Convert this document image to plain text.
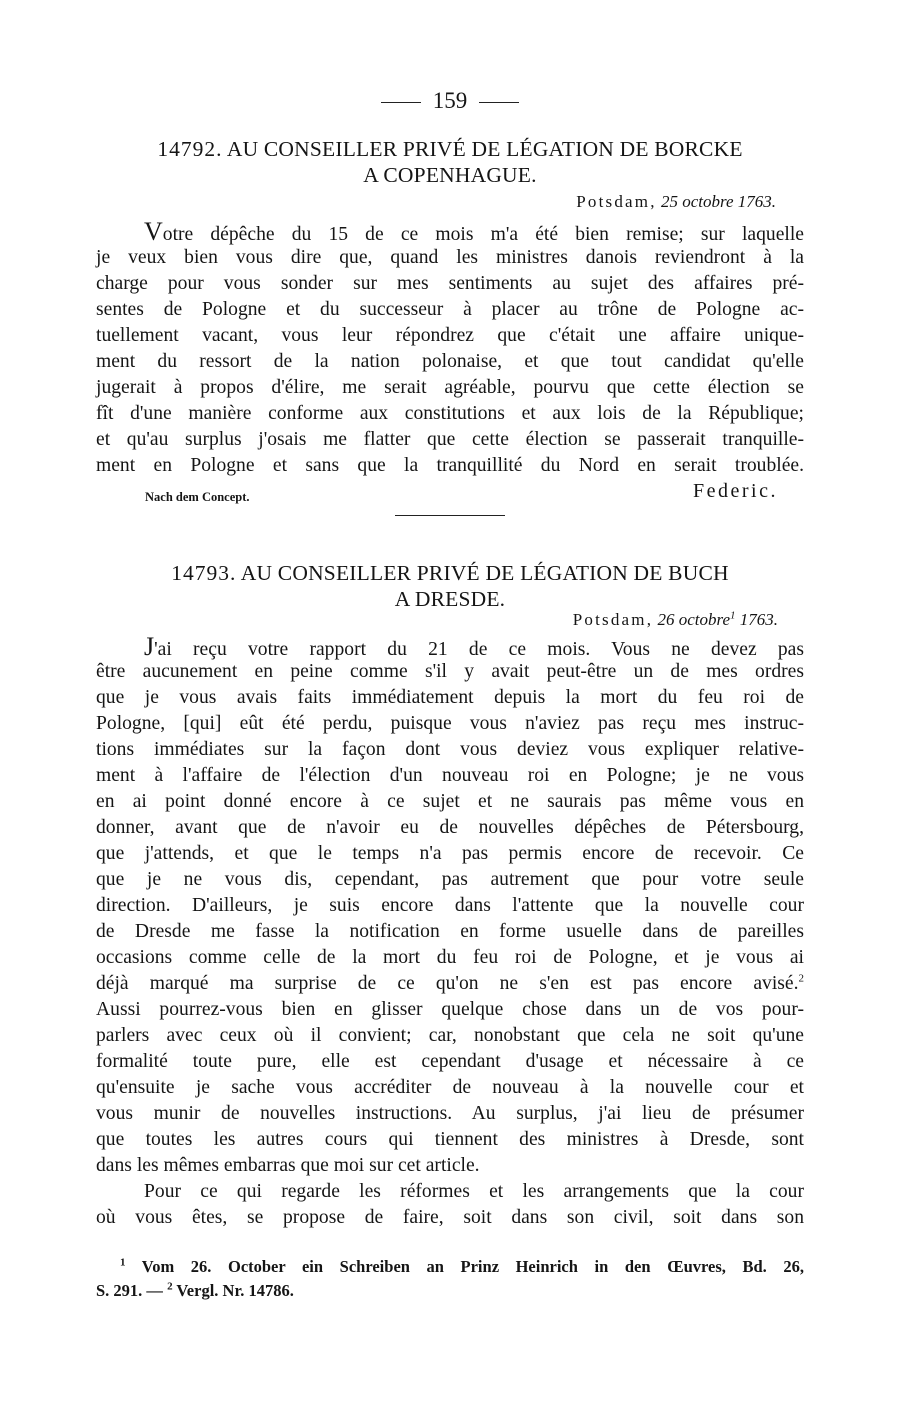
159
14792. AU CONSEILLER PRIVÉ DE LÉGATION DE BORCKE
A COPENHAGUE.
Potsdam, 25 octobre 1763.
Votre dépêche du 15 de ce mois m'a été bien remise; sur laquelle
je veux bien vous dire que, quand les ministres danois reviendront à la
charge pour vous sonder sur mes sentiments au sujet des affaires pré-
sentes de Pologne et du successeur à placer au trône de Pologne ac-
tuellement vacant, vous leur répondrez que c'était une affaire unique-
ment du ressort de la nation polonaise, et que tout candidat qu'elle
jugerait à propos d'élire, me serait agréable, pourvu que cette élection se
fît d'une manière conforme aux constitutions et aux lois de la République;
et qu'au surplus j'osais me flatter que cette élection se passerait tranquille-
ment en Pologne et sans que la tranquillité du Nord en serait troublée.
Nach dem Concept.	Federic.
14793. AU CONSEILLER PRIVÉ DE LÉGATION DE BUCH
A DRESDE.
Potsdam, 26 octobre$^1$ 1763.
J'ai reçu votre rapport du 21 de ce mois. Vous ne devez pas
être aucunement en peine comme s'il y avait peut-être un de mes ordres
que je vous avais faits immédiatement depuis la mort du feu roi de
Pologne, [qui] eût été perdu, puisque vous n'aviez pas reçu mes instruc-
tions immédiates sur la façon dont vous deviez vous expliquer relative-
ment à l'affaire de l'élection d'un nouveau roi en Pologne; je ne vous
en ai point donné encore à ce sujet et ne saurais pas même vous en
donner, avant que de n'avoir eu de nouvelles dépêches de Pétersbourg,
que j'attends, et que le temps n'a pas permis encore de recevoir. Ce
que je ne vous dis, cependant, pas autrement que pour votre seule
direction. D'ailleurs, je suis encore dans l'attente que la nouvelle cour
de Dresde me fasse la notification en forme usuelle dans de pareilles
occasions comme celle de la mort du feu roi de Pologne, et je vous ai
déjà marqué ma surprise de ce qu'on ne s'en est pas encore avisé.$^2$
Aussi pourrez-vous bien en glisser quelque chose dans un de vos pour-
parlers avec ceux où il convient; car, nonobstant que cela ne soit qu'une
formalité toute pure, elle est cependant d'usage et nécessaire à ce
qu'ensuite je sache vous accréditer de nouveau à la nouvelle cour et
vous munir de nouvelles instructions. Au surplus, j'ai lieu de présumer
que toutes les autres cours qui tiennent des ministres à Dresde, sont
dans les mêmes embarras que moi sur cet article.
Pour ce qui regarde les réformes et les arrangements que la cour
où vous êtes, se propose de faire, soit dans son civil, soit dans son
$^1$ Vom 26. October ein Schreiben an Prinz Heinrich in den Œuvres, Bd. 26,
S. 291. — $^2$ Vergl. Nr. 14786.
